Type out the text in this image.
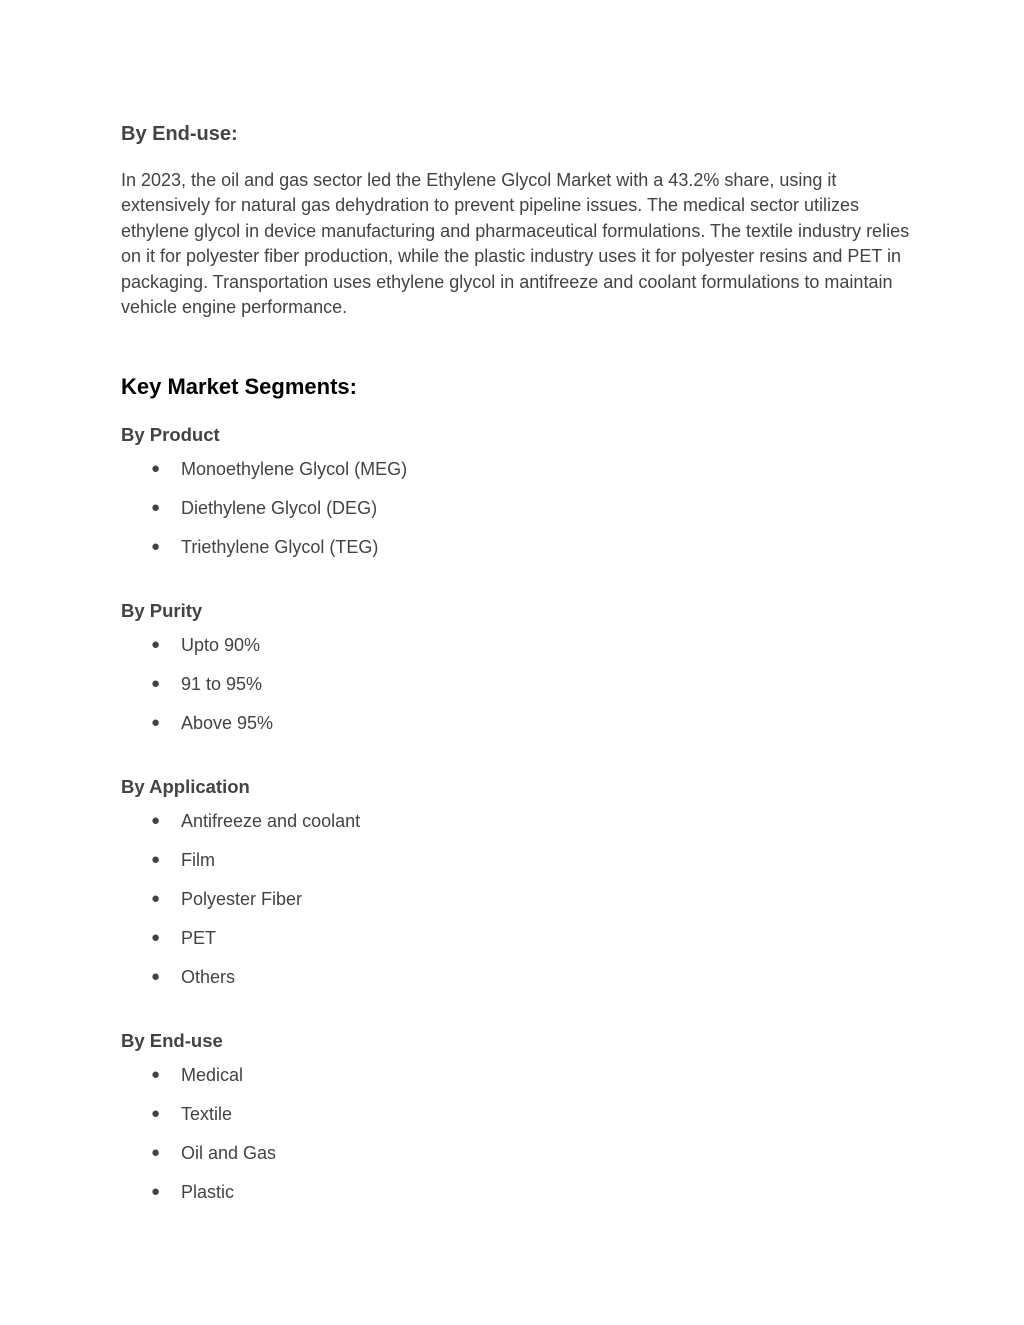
By End-use:

In 2023, the oil and gas sector led the Ethylene Glycol Market with a 43.2% share, using it extensively for natural gas dehydration to prevent pipeline issues. The medical sector utilizes ethylene glycol in device manufacturing and pharmaceutical formulations. The textile industry relies on it for polyester fiber production, while the plastic industry uses it for polyester resins and PET in packaging. Transportation uses ethylene glycol in antifreeze and coolant formulations to maintain vehicle engine performance.

Key Market Segments:
By Product
● Monoethylene Glycol (MEG)
● Diethylene Glycol (DEG)
● Triethylene Glycol (TEG)
By Purity
● Upto 90%
● 91 to 95%
● Above 95%
By Application
● Antifreeze and coolant
● Film
● Polyester Fiber
● PET
● Others
By End-use
● Medical
● Textile
● Oil and Gas
● Plastic
